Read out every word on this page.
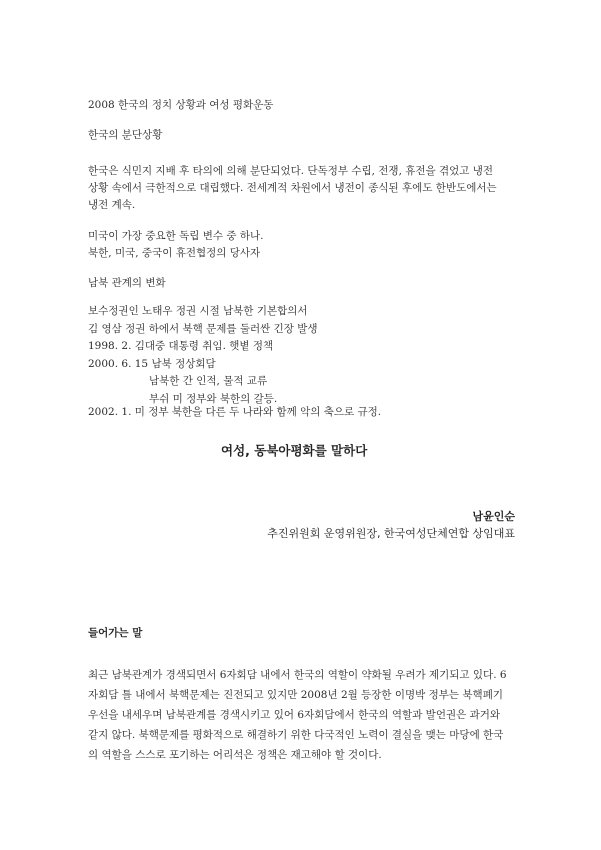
2008 한국의 정치 상황과 여성 평화운동
한국의 분단상황

한국은 식민지 지배 후 타의에 의해 분단되었다. 단독정부 수립, 전쟁, 휴전을 겪었고 냉전

상황 속에서 극한적으로 대립했다. 전세계적 차원에서 냉전이 종식된 후에도 한반도에서는

냉전 계속.

미국이 가장 중요한 독립 변수 중 하나.

북한, 미국, 중국이 휴전협정의 당사자

남북 관계의 변화

보수정권인 노태우 정권 시절 남북한 기본합의서

김 영삼 정권 하에서 북핵 문제를 둘러싼 긴장 발생

1998. 2. 김대중 대통령 취임. 햇볕 정책

2000. 6. 15 남북 정상회담

남북한 간 인적, 물적 교류

부쉬 미 정부와 북한의 갈등.

2002. 1. 미 정부 북한을 다른 두 나라와 함께 악의 축으로 규정.
여성, 동북아평화를 말하다
남윤인순
추진위원회 운영위원장, 한국여성단체연합 상임대표
들어가는 말

최근 남북관계가 경색되면서 6자회담 내에서 한국의 역할이 약화될 우려가 제기되고 있다. 6

자회담 틀 내에서 북핵문제는 진전되고 있지만 2008년 2월 등장한 이명박 정부는 북핵폐기

우선을 내세우며 남북관계를 경색시키고 있어 6자회담에서 한국의 역할과 발언권은 과거와

같지 않다. 북핵문제를 평화적으로 해결하기 위한 다국적인 노력이 결실을 맺는 마당에 한국

의 역할을 스스로 포기하는 어리석은 정책은 재고해야 할 것이다.
